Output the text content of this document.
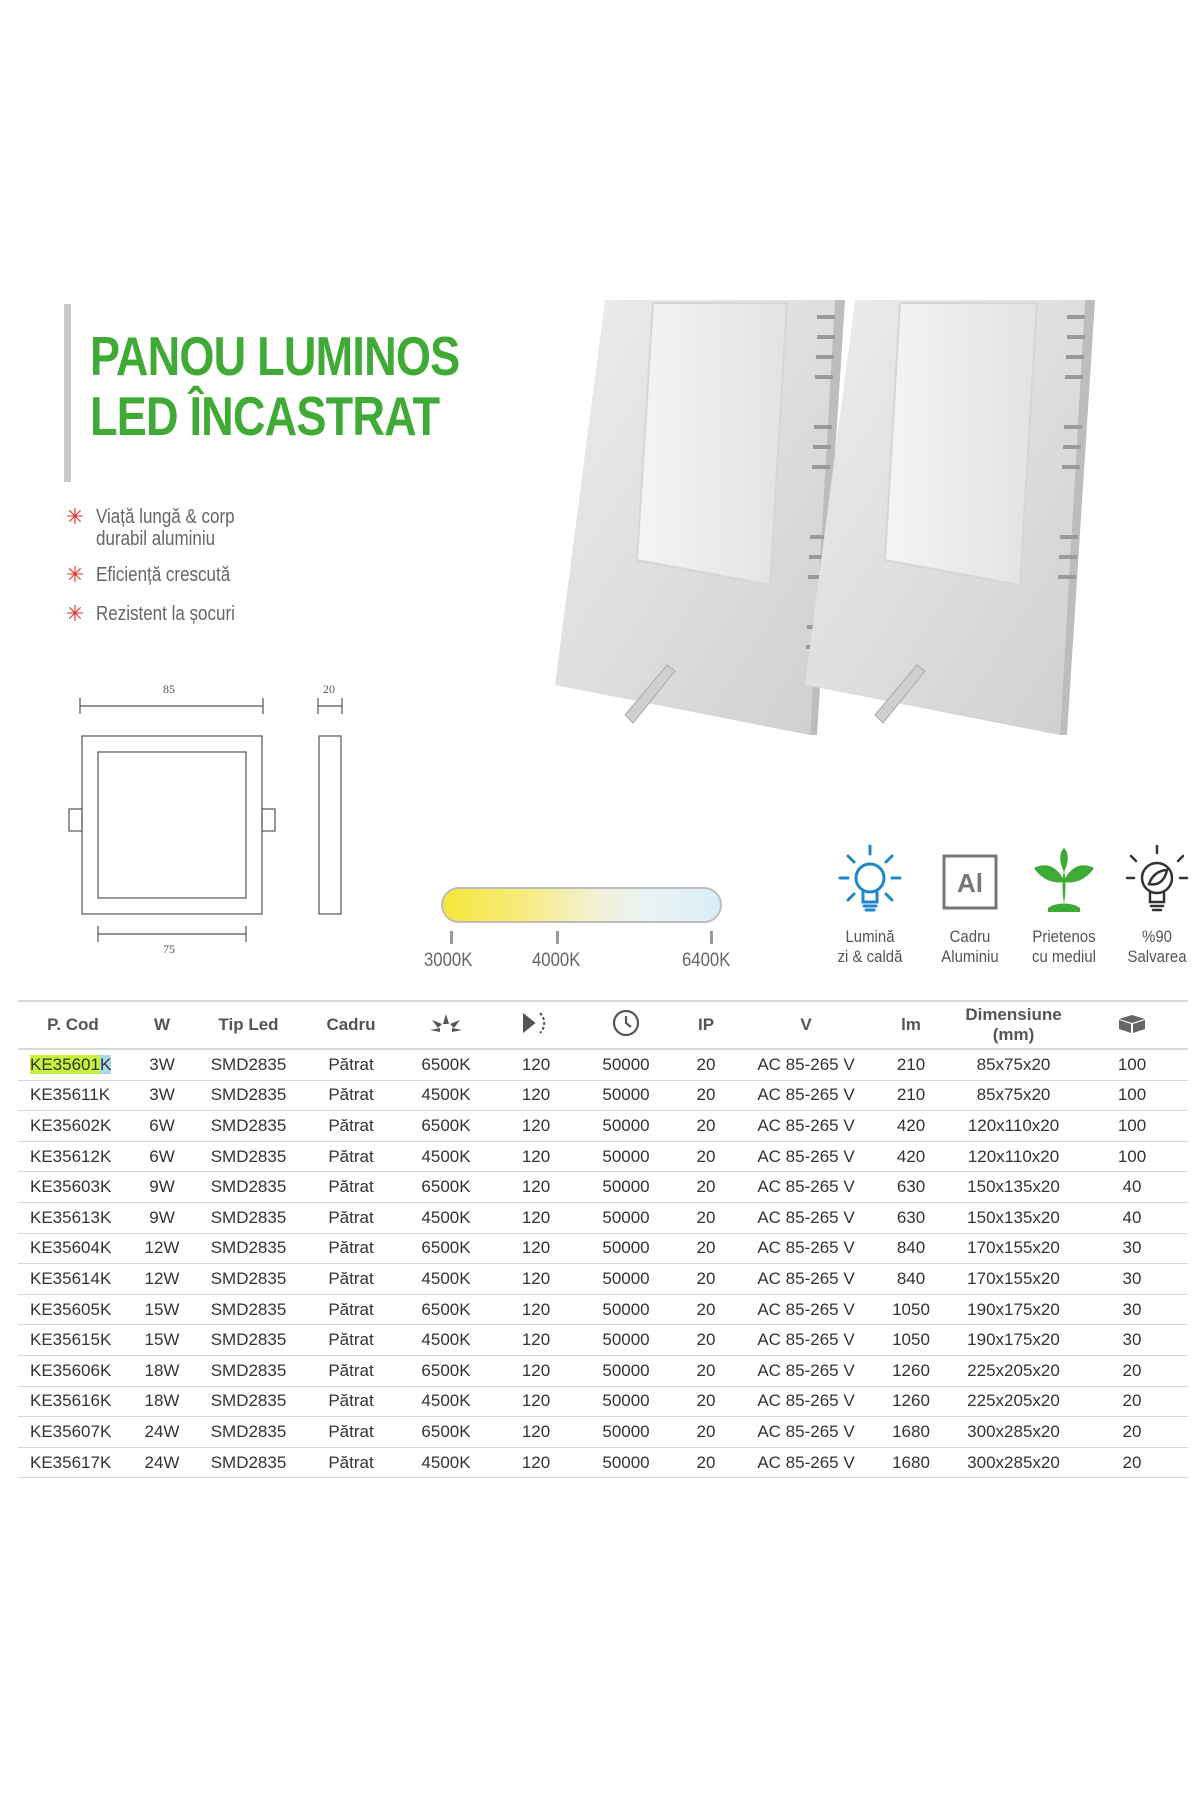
PANOU LUMINOS
LED ÎNCASTRAT
✳ Viață lungă & corp
durabil aluminiu
✳ Eficiență crescută
✳ Rezistent la șocuri
85
75
20
3000K	4000K	6400K
Lumină
zi & caldă
Al
Cadru
Aluminiu
Prietenos
cu mediul
%90
Salvarea
P. Cod	W	Tip Led	Cadru				IP	V	lm	Dimensiune (mm)	
KE35601K	3W	SMD2835	Pătrat	6500K	120	50000	20	AC 85-265 V	210	85x75x20	100
KE35611K	3W	SMD2835	Pătrat	4500K	120	50000	20	AC 85-265 V	210	85x75x20	100
KE35602K	6W	SMD2835	Pătrat	6500K	120	50000	20	AC 85-265 V	420	120x110x20	100
KE35612K	6W	SMD2835	Pătrat	4500K	120	50000	20	AC 85-265 V	420	120x110x20	100
KE35603K	9W	SMD2835	Pătrat	6500K	120	50000	20	AC 85-265 V	630	150x135x20	40
KE35613K	9W	SMD2835	Pătrat	4500K	120	50000	20	AC 85-265 V	630	150x135x20	40
KE35604K	12W	SMD2835	Pătrat	6500K	120	50000	20	AC 85-265 V	840	170x155x20	30
KE35614K	12W	SMD2835	Pătrat	4500K	120	50000	20	AC 85-265 V	840	170x155x20	30
KE35605K	15W	SMD2835	Pătrat	6500K	120	50000	20	AC 85-265 V	1050	190x175x20	30
KE35615K	15W	SMD2835	Pătrat	4500K	120	50000	20	AC 85-265 V	1050	190x175x20	30
KE35606K	18W	SMD2835	Pătrat	6500K	120	50000	20	AC 85-265 V	1260	225x205x20	20
KE35616K	18W	SMD2835	Pătrat	4500K	120	50000	20	AC 85-265 V	1260	225x205x20	20
KE35607K	24W	SMD2835	Pătrat	6500K	120	50000	20	AC 85-265 V	1680	300x285x20	20
KE35617K	24W	SMD2835	Pătrat	4500K	120	50000	20	AC 85-265 V	1680	300x285x20	20
